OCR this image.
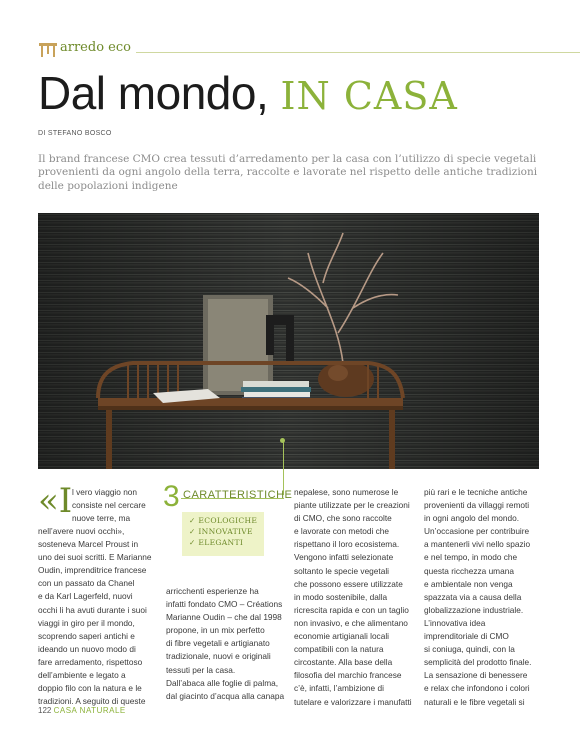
arredo eco
Dal mondo, IN CASA
DI STEFANO BOSCO
Il brand francese CMO crea tessuti d’arredamento per la casa con l’utilizzo di specie vegetali provenienti da ogni angolo della terra, raccolte e lavorate nel rispetto delle antiche tradizioni delle popolazioni indigene
«I l vero viaggio non

consiste nel cercare

nuove terre, ma

nell’avere nuovi occhi»,

sosteneva Marcel Proust in

uno dei suoi scritti. E Marianne

Oudin, imprenditrice francese

con un passato da Chanel

e da Karl Lagerfeld, nuovi

occhi li ha avuti durante i suoi

viaggi in giro per il mondo,

scoprendo saperi antichi e

ideando un nuovo modo di

fare arredamento, rispettoso

dell’ambiente e legato a

doppio filo con la natura e le

tradizioni. A seguito di queste

3 CARATTERISTICHE
✓ ECOLOGICHE
✓ INNOVATIVE
✓ ELEGANTI

arricchenti esperienze ha

infatti fondato CMO – Créations

Marianne Oudin – che dal 1998

propone, in un mix perfetto

di fibre vegetali e artigianato

tradizionale, nuovi e originali

tessuti per la casa.

Dall’abaca alle foglie di palma,

dal giacinto d’acqua alla canapa

nepalese, sono numerose le

piante utilizzate per le creazioni

di CMO, che sono raccolte

e lavorate con metodi che

rispettano il loro ecosistema.

Vengono infatti selezionate

soltanto le specie vegetali

che possono essere utilizzate

in modo sostenibile, dalla

ricrescita rapida e con un taglio

non invasivo, e che alimentano

economie artigianali locali

compatibili con la natura

circostante. Alla base della

filosofia del marchio francese

c’è, infatti, l’ambizione di

tutelare e valorizzare i manufatti

più rari e le tecniche antiche

provenienti da villaggi remoti

in ogni angolo del mondo.

Un’occasione per contribuire

a mantenerli vivi nello spazio

e nel tempo, in modo che

questa ricchezza umana

e ambientale non venga

spazzata via a causa della

globalizzazione industriale.

L’innovativa idea

imprenditoriale di CMO

si coniuga, quindi, con la

semplicità del prodotto finale.

La sensazione di benessere

e relax che infondono i colori

naturali e le fibre vegetali si

122 CASA NATURALE
